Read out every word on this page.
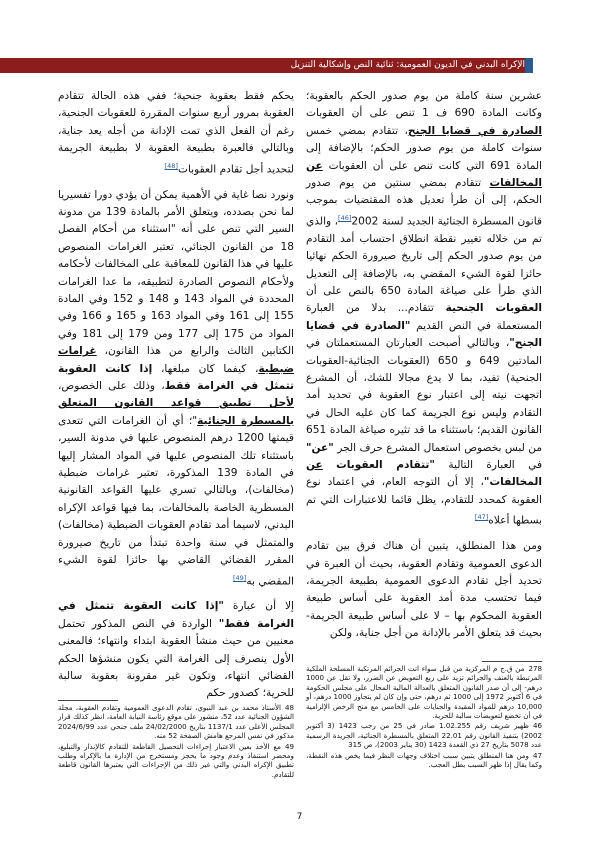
الإكراه البدني في الديون العمومية: ثنائية النص وإشكالية التنزيل

عشرين سنة كاملة من يوم صدور الحكم بالعقوبة؛ وكانت المادة 690 ف 1 تنص على أن العقوبات الصادرة في قضايا الجنح، تتقادم بمضي خمس سنوات كاملة من يوم صدور الحكم؛ بالإضافة إلى المادة 691 التي كانت تنص على أن العقوبات عن المخالفات تتقادم بمضي سنتين من يوم صدور الحكم، إلى أن طرأ تعديل هذه المقتضيات بموجب قانون المسطرة الجنائية الجديد لسنة 2002[46]، والذي تم من خلاله تغيير نقطة انطلاق احتساب أمد التقادم من يوم صدور الحكم إلى تاريخ صيرورة الحكم نهائيا حائزا لقوة الشيء المقضي به، بالإضافة إلى التعديل الذي طرأ على صياغة المادة 650 بالنص على أن العقوبات الجنحية تتقادم... بدلا من العبارة المستعملة في النص القديم "الصادرة في قضايا الجنح"، وبالتالي أصبحت العبارتان المستعملتان في المادتين 649 و 650 (العقوبات الجنائية-العقوبات الجنحية) تفيد، بما لا يدع مجالا للشك، أن المشرع اتجهت نيته إلى اعتبار نوع العقوبة في تحديد أمد التقادم وليس نوع الجريمة كما كان عليه الحال في القانون القديم؛ باستثناء ما قد تثيره صياغة المادة 651 من لبس بخصوص استعمال المشرع حرف الجر "عن" في العبارة التالية "تتقادم العقوبات عن المخالفات"، إلا أن التوجه العام، في اعتماد نوع العقوبة كمحدد للتقادم، يظل قائما للاعتبارات التي تم بسطها أعلاه[47]

ومن هذا المنطلق، يتبين أن هناك فرق بين تقادم الدعوى العمومية وتقادم العقوبة، بحيث أن العبرة في تحديد أجل تقادم الدعوى العمومية بطبيعة الجريمة، فيما تحتسب مدة أمد العقوبة على أساس طبيعة العقوبة المحكوم بها – لا على أساس طبيعة الجريمة- بحيث قد يتعلق الأمر بالإدانة من أجل جناية، ولكن

يحكم فقط بعقوبة جنحية؛ ففي هذه الحالة تتقادم العقوبة بمرور أربع سنوات المقررة للعقوبات الجنحية، رغم أن الفعل الذي تمت الإدانة من أجله يعد جناية، وبالتالي فالعبرة بطبيعة العقوبة لا بطبيعة الجريمة لتحديد أجل تقادم العقوبات[48]

ونورد نصا غاية في الأهمية يمكن أن يؤدي دورا تفسيريا لما نحن بصدده، ويتعلق الأمر بالمادة 139 من مدونة السير التي تنص على أنه "استثناء من أحكام الفصل 18 من القانون الجنائي، تعتبر الغرامات المنصوص عليها في هذا القانون للمعاقبة على المخالفات لأحكامه ولأحكام النصوص الصادرة لتطبيقه، ما عدا الغرامات المحددة في المواد 143 و 148 و 152 وفي المادة 155 إلى 161 وفي المواد 163 و 165 و 166 وفي المواد من 175 إلى 177 ومن 179 إلى 181 وفي الكتابين الثالث والرابع من هذا القانون، غرامات ضبطية، كيفما كان مبلغها، إذا كانت العقوبة تتمثل في الغرامة فقط، وذلك على الخصوص، لأجل تطبيق قواعد القانون المتعلق بالمسطرة الجنائية"؛ أي أن الغرامات التي تتعدى قيمتها 1200 درهم المنصوص عليها في مدونة السير، باستثناء تلك المنصوص عليها في المواد المشار إليها في المادة 139 المذكورة، تعتبر غرامات ضبطية (مخالفات)، وبالتالي تسري عليها القواعد القانونية المسطرية الخاصة بالمخالفات، بما فيها قواعد الإكراه البدني، لاسيما أمد تقادم العقوبات الضبطية (مخالفات) والمتمثل في سنة واحدة تبتدأ من تاريخ صيرورة المقرر القضائي القاضي بها حائزا لقوة الشيء المقضي به[49]

إلا أن عبارة "إذا كانت العقوبة تتمثل في الغرامة فقط" الواردة في النص المذكور تحتمل معنيين من حيث منشأ العقوبة ابتداء وانتهاء؛ فالمعنى الأول ينصرف إلى الغرامة التي يكون منشؤها الحكم القضائي انتهاء، وتكون غير مقرونة بعقوبة سالبة للحرية؛ كصدور حكم

278من ق.ج م المركزية من قبل سواء اتت الجرائم المرتكبة المسلحة الملكية المرتبطة بالعنف والجرائم تزيد على ربع التعويض عن الضرر، ولا تقل عن 1000 درهم- إلى أن صدر القانون المتعلق بالعدالة المالية المحال على مجلس الحكومة في 6 أكتوبر 1972 إلى 1000 ثم درهم، حتى وإن كان لم يتجاوز 1000 درهم، أو 10,000 درهم للمواد المقيدة والجنايات على الخامس مع منح الرخص الإلزامية في أن تخضع لتعويضات سالبة للحرية.
46ظهير شريف رقم 1.02.255 صادر في 25 من رجب 1423 (3 أكتوبر 2002) بتنفيذ القانون رقم 22.01 المتعلق بالمسطرة الجنائية، الجريدة الرسمية عدد 5078 بتاريخ 27 ذي القعدة 1423 (30 يناير 2003)، ص 315
47ومن هنا المنطلق يتبين سبب اختلاف وجهات النظر فيما يخص هذه النقطة، وكما يقال إذا ظهر السبب بطل العجب.
48الأستاذ محمد بن عبد النبوي، تقادم الدعوى العمومية وتقادم العقوبة، مجلة الشؤون الجنائية عدد 52، منشور على موقع رئاسة النيابة العامة، انظر كذلك قرار المجلس الأعلى عدد 1137/1 بتاريخ 24/02/2000 ملف جنحي عدد 2024/6/99 مذكور في نفس المرجع هامش الصفحة 52 منه.
49مع الأخذ بعين الاعتبار إجراءات التحصيل القاطعة للتقادم كالإنذار والتبليغ، ومحضر استنفاذ وعدم وجود ما يحجز ومستخرج من الإدارة ما بالإكراه وطلب تطبيق الإكراه البدني والتي غير ذلك من الإجراءات التي يعتبرها القانون قاطعة للتقادم.
7
